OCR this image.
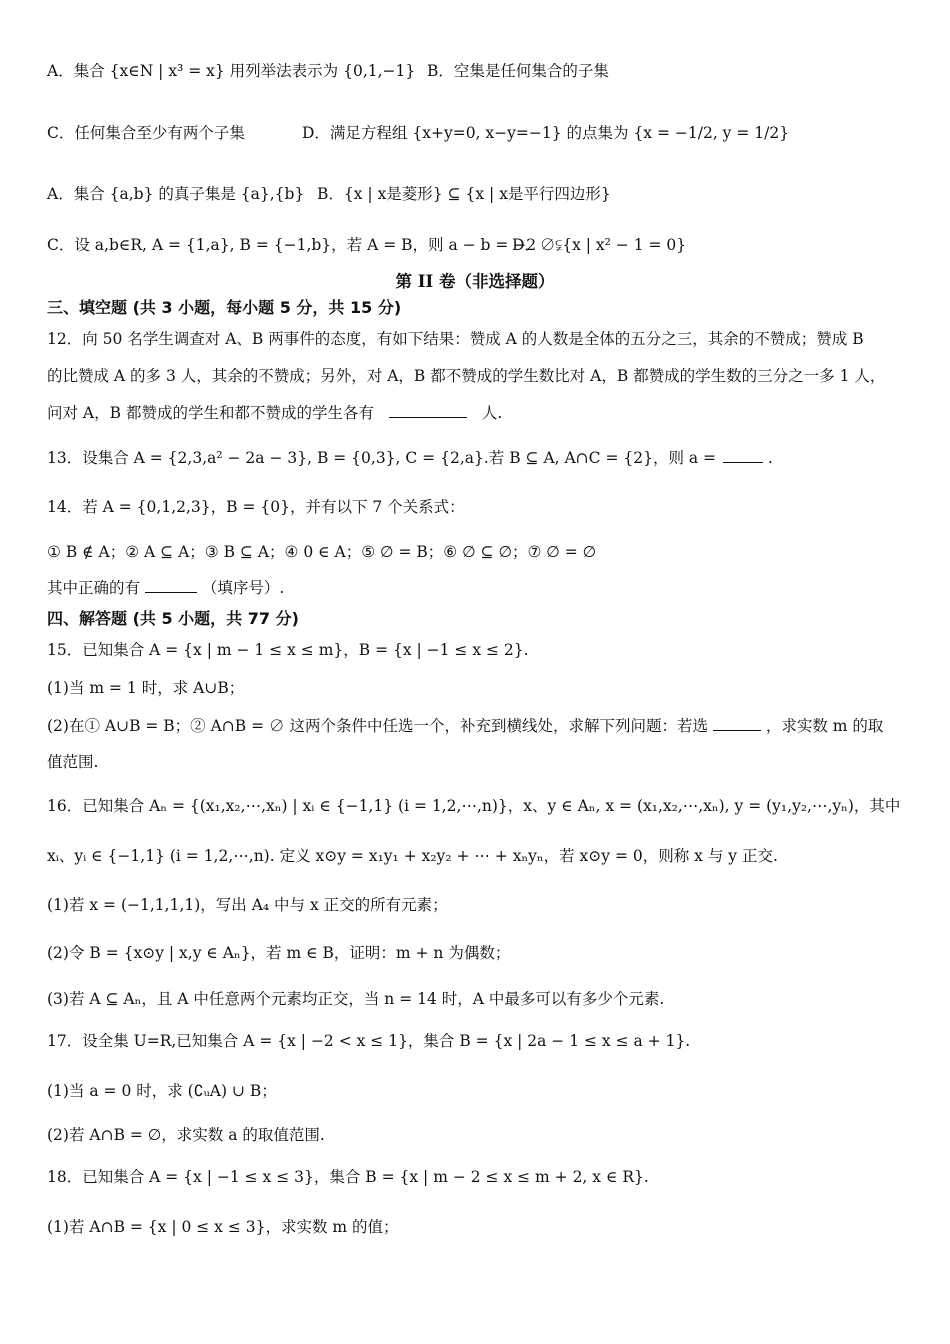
A．集合 {x∈N | x³ = x} 用列举法表示为 {0,1,−1} B．空集是任何集合的子集
C．任何集合至少有两个子集	D．满足方程组 {x+y=0, x−y=−1} 的点集为 {x = −1/2, y = 1/2}
A．集合 {a,b} 的真子集是 {a},{b} B．{x | x是菱形} ⊆ {x | x是平行四边形}
C．设 a,b∈R, A = {1,a}, B = {−1,b}，若 A = B，则 a − b = −2
D．∅⫋{x | x² − 1 = 0}
第 II 卷（非选择题）
三、填空题 (共 3 小题，每小题 5 分，共 15 分)
12．向 50 名学生调查对 A、B 两事件的态度，有如下结果：赞成 A 的人数是全体的五分之三，其余的不赞成；赞成 B
的比赞成 A 的多 3 人，其余的不赞成；另外，对 A，B 都不赞成的学生数比对 A，B 都赞成的学生数的三分之一多 1 人，
问对 A，B 都赞成的学生和都不赞成的学生各有	人.
13．设集合 A = {2,3,a² − 2a − 3}, B = {0,3}, C = {2,a}.若 B ⊆ A, A∩C = {2}，则 a =	.
14．若 A = {0,1,2,3}，B = {0}，并有以下 7 个关系式：
① B ∉ A；② A ⊆ A；③ B ⊆ A；④ 0 ∈ A；⑤ ∅ = B；⑥ ∅ ⊆ ∅；⑦ ∅ = ∅
其中正确的有	（填序号）.
四、解答题 (共 5 小题，共 77 分)
15．已知集合 A = {x | m − 1 ≤ x ≤ m}，B = {x | −1 ≤ x ≤ 2}.
(1)当 m = 1 时，求 A∪B；
(2)在① A∪B = B；② A∩B = ∅ 这两个条件中任选一个，补充到横线处，求解下列问题：若选	，求实数 m 的取
值范围.
16．已知集合 Aₙ = {(x₁,x₂,⋯,xₙ) | xᵢ ∈ {−1,1} (i = 1,2,⋯,n)}，x、y ∈ Aₙ, x = (x₁,x₂,⋯,xₙ), y = (y₁,y₂,⋯,yₙ)，其中
xᵢ、yᵢ ∈ {−1,1} (i = 1,2,⋯,n). 定义 x⊙y = x₁y₁ + x₂y₂ + ⋯ + xₙyₙ，若 x⊙y = 0，则称 x 与 y 正交.
(1)若 x = (−1,1,1,1)，写出 A₄ 中与 x 正交的所有元素；
(2)令 B = {x⊙y | x,y ∈ Aₙ}，若 m ∈ B，证明：m + n 为偶数；
(3)若 A ⊆ Aₙ，且 A 中任意两个元素均正交，当 n = 14 时，A 中最多可以有多少个元素.
17．设全集 U=R,已知集合 A = {x | −2 < x ≤ 1}，集合 B = {x | 2a − 1 ≤ x ≤ a + 1}.
(1)当 a = 0 时，求 (∁ᵤA) ∪ B；
(2)若 A∩B = ∅，求实数 a 的取值范围.
18．已知集合 A = {x | −1 ≤ x ≤ 3}，集合 B = {x | m − 2 ≤ x ≤ m + 2, x ∈ R}.
(1)若 A∩B = {x | 0 ≤ x ≤ 3}，求实数 m 的值；
